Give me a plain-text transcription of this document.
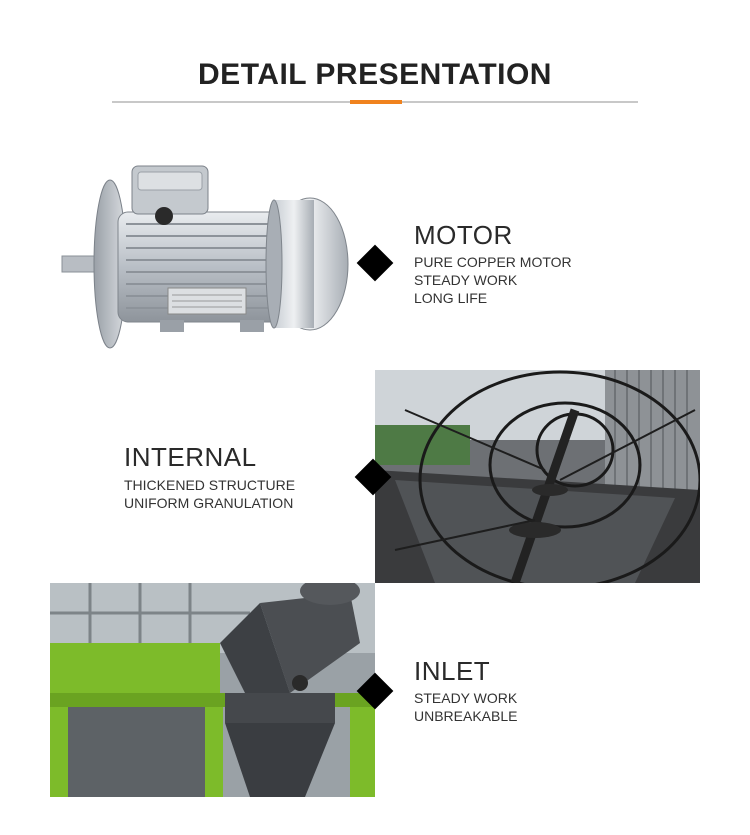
DETAIL PRESENTATION
MOTOR
PURE COPPER MOTOR
STEADY WORK
LONG LIFE
INTERNAL
THICKENED STRUCTURE
UNIFORM GRANULATION
INLET
STEADY WORK
UNBREAKABLE
